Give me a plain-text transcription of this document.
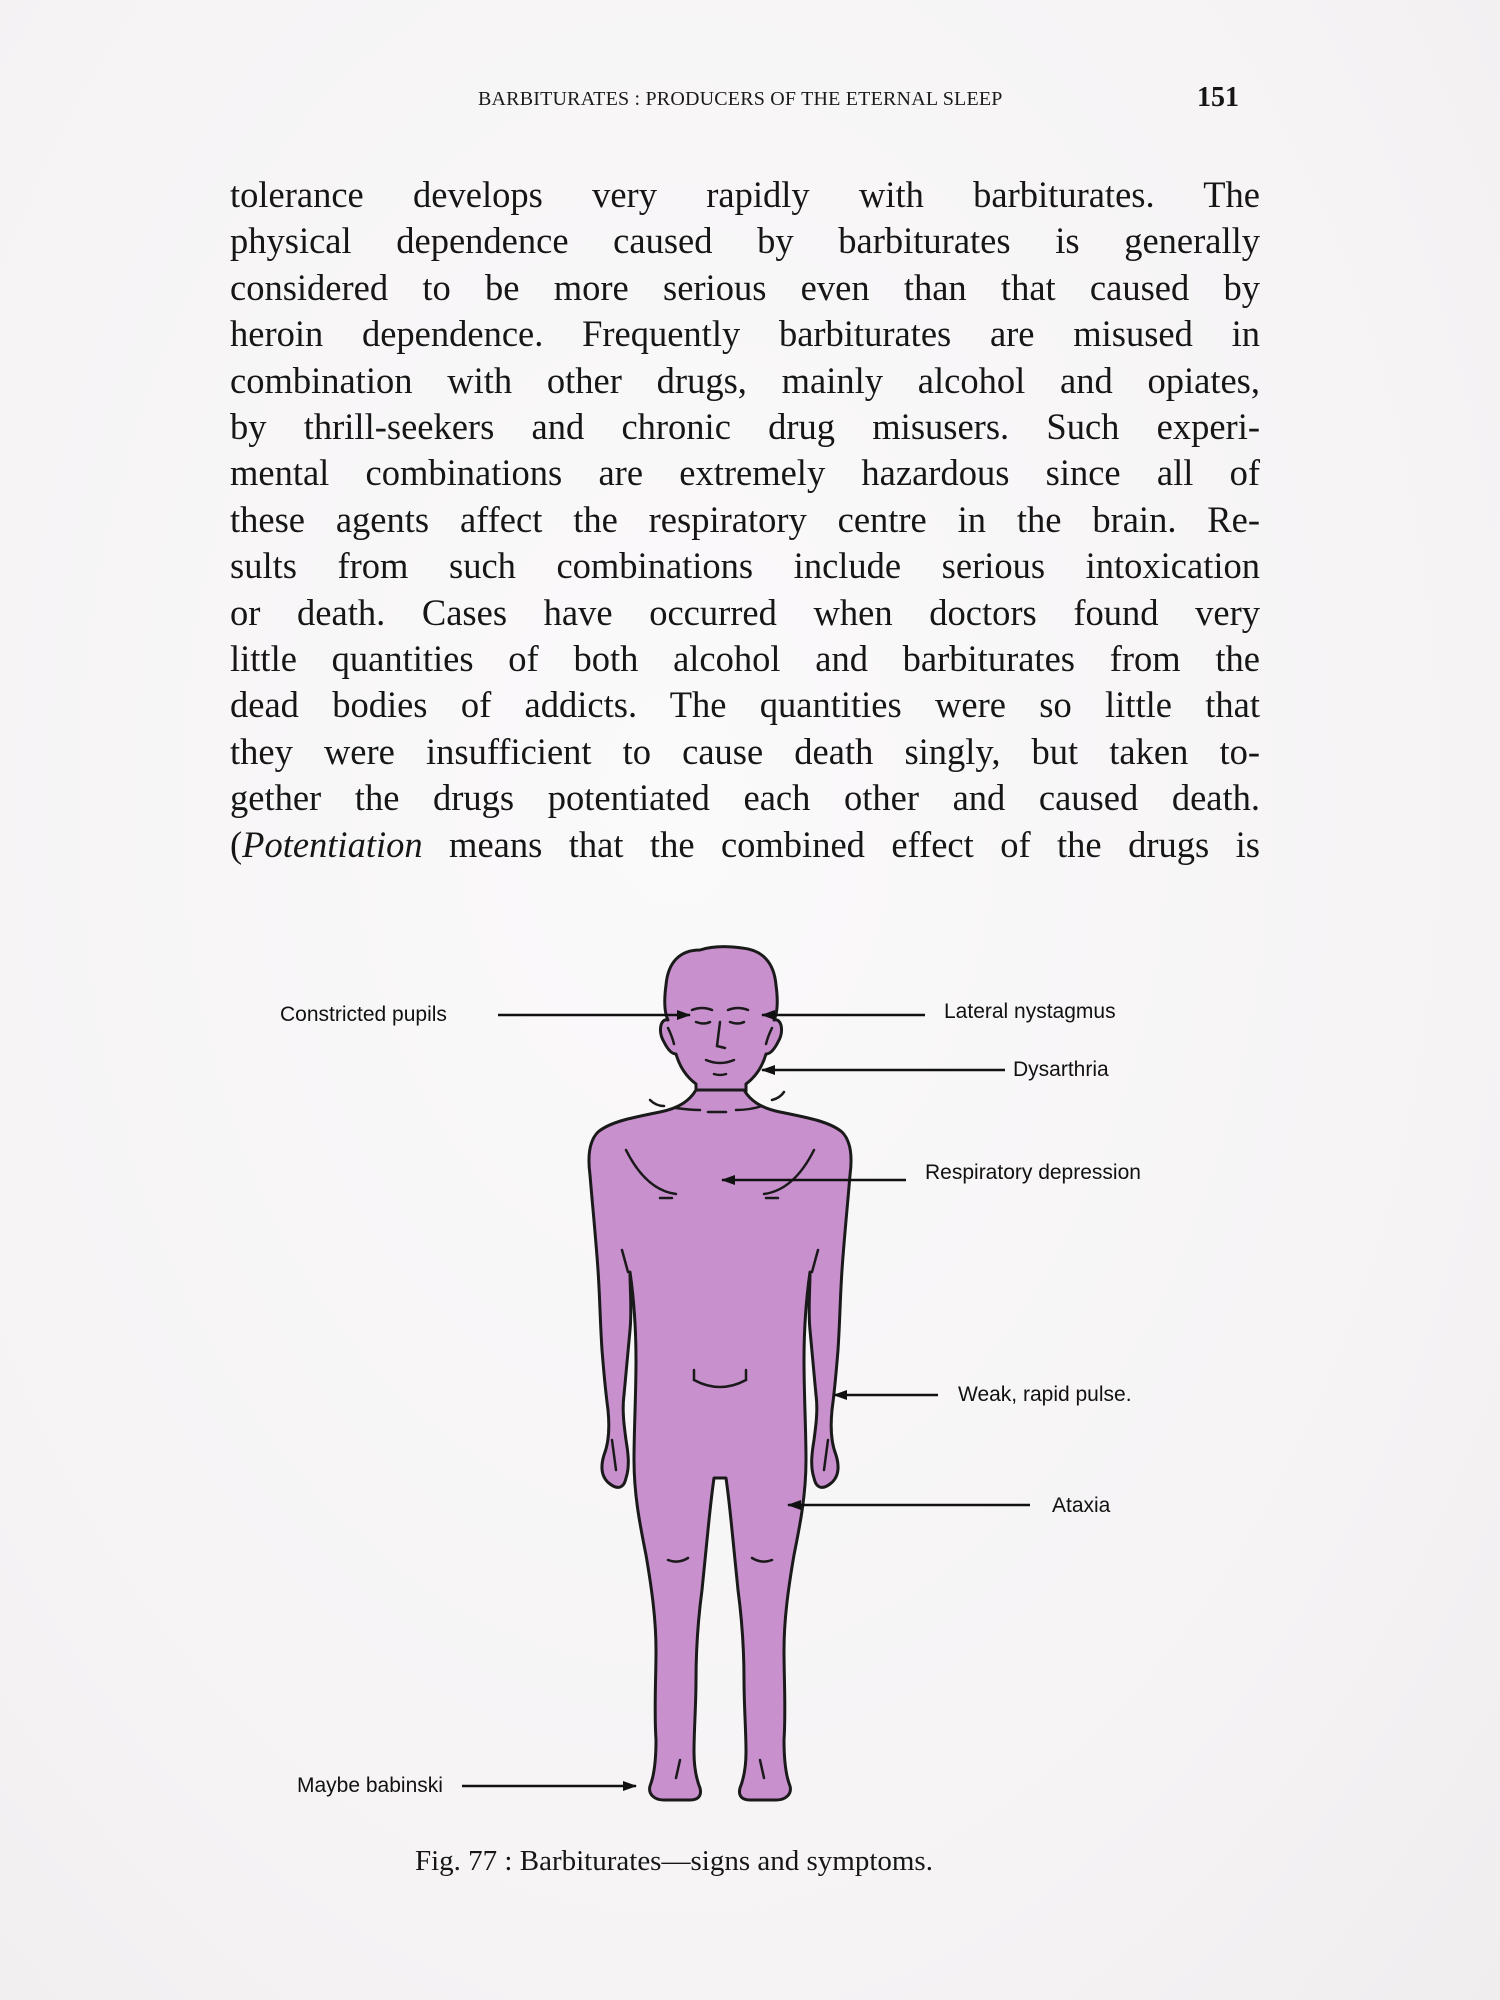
BARBITURATES : PRODUCERS OF THE ETERNAL SLEEP	151

tolerance develops very rapidly with barbiturates. The
physical dependence caused by barbiturates is generally
considered to be more serious even than that caused by
heroin dependence. Frequently barbiturates are misused in
combination with other drugs, mainly alcohol and opiates,
by thrill-seekers and chronic drug misusers. Such experi-
mental combinations are extremely hazardous since all of
these agents affect the respiratory centre in the brain. Re-
sults from such combinations include serious intoxication
or death. Cases have occurred when doctors found very
little quantities of both alcohol and barbiturates from the
dead bodies of addicts. The quantities were so little that
they were insufficient to cause death singly, but taken to-
gether the drugs potentiated each other and caused death.
(Potentiation means that the combined effect of the drugs is

Constricted pupils	Lateral nystagmus
Dysarthria
Respiratory depression
Weak, rapid pulse.
Ataxia
Maybe babinski
Fig. 77 : Barbiturates—signs and symptoms.
